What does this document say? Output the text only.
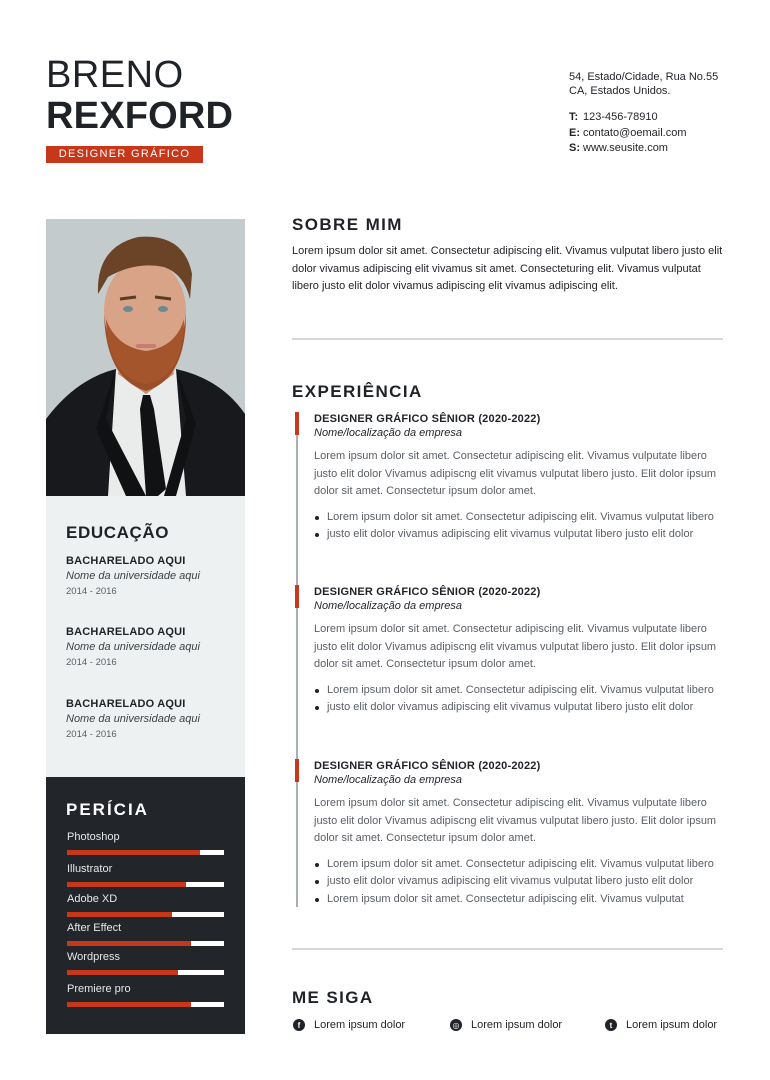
BRENO
REXFORD
DESIGNER GRÁFICO
54, Estado/Cidade, Rua No.55
CA, Estados Unidos.
T: 123-456-78910
E: contato@oemail.com
S: www.seusite.com
EDUCAÇÃO
BACHARELADO AQUI
Nome da universidade aqui
2014 - 2016
BACHARELADO AQUI
Nome da universidade aqui
2014 - 2016
BACHARELADO AQUI
Nome da universidade aqui
2014 - 2016
PERÍCIA
Photoshop
Illustrator
Adobe XD
After Effect
Wordpress
Premiere pro
SOBRE MIM
Lorem ipsum dolor sit amet. Consectetur adipiscing elit. Vivamus vulputat libero justo elit dolor vivamus adipiscing elit vivamus sit amet. Consecteturing elit. Vivamus vulputat libero justo elit dolor vivamus adipiscing elit vivamus adipiscing elit.
EXPERIÊNCIA
DESIGNER GRÁFICO SÊNIOR (2020-2022)
Nome/localização da empresa
Lorem ipsum dolor sit amet. Consectetur adipiscing elit. Vivamus vulputate libero justo elit dolor Vivamus adipiscng elit vivamus vulputat libero justo. Elit dolor ipsum dolor sit amet. Consectetur ipsum dolor amet.
Lorem ipsum dolor sit amet. Consectetur adipiscing elit. Vivamus vulputat libero
justo elit dolor vivamus adipiscing elit vivamus vulputat libero justo elit dolor
DESIGNER GRÁFICO SÊNIOR (2020-2022)
Nome/localização da empresa
Lorem ipsum dolor sit amet. Consectetur adipiscing elit. Vivamus vulputate libero justo elit dolor Vivamus adipiscng elit vivamus vulputat libero justo. Elit dolor ipsum dolor sit amet. Consectetur ipsum dolor amet.
Lorem ipsum dolor sit amet. Consectetur adipiscing elit. Vivamus vulputat libero
justo elit dolor vivamus adipiscing elit vivamus vulputat libero justo elit dolor
DESIGNER GRÁFICO SÊNIOR (2020-2022)
Nome/localização da empresa
Lorem ipsum dolor sit amet. Consectetur adipiscing elit. Vivamus vulputate libero justo elit dolor Vivamus adipiscng elit vivamus vulputat libero justo. Elit dolor ipsum dolor sit amet. Consectetur ipsum dolor amet.
Lorem ipsum dolor sit amet. Consectetur adipiscing elit. Vivamus vulputat libero
justo elit dolor vivamus adipiscing elit vivamus vulputat libero justo elit dolor
Lorem ipsum dolor sit amet. Consectetur adipiscing elit. Vivamus vulputat
ME SIGA
f	Lorem ipsum dolor	◎ Lorem ipsum dolor	t	Lorem ipsum dolor
